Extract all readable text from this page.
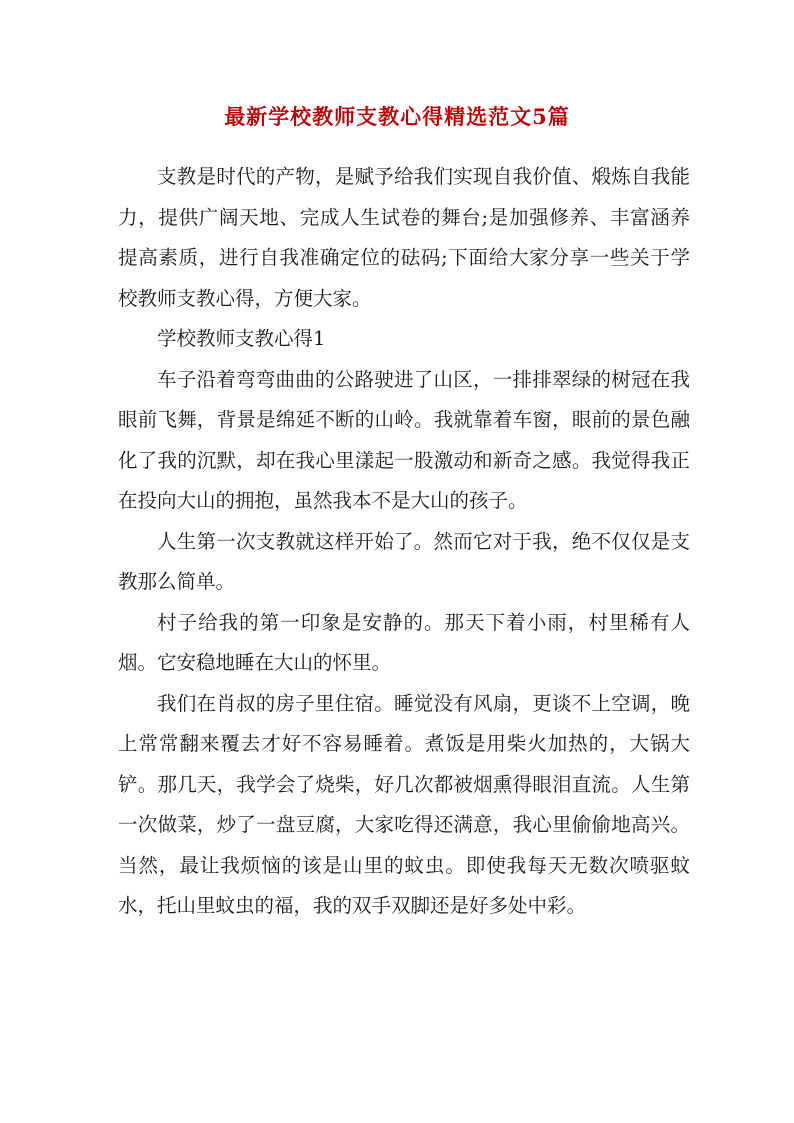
最新学校教师支教心得精选范文5篇

支教是时代的产物，是赋予给我们实现自我价值、煅炼自我能力，提供广阔天地、完成人生试卷的舞台;是加强修养、丰富涵养提高素质，进行自我准确定位的砝码;下面给大家分享一些关于学校教师支教心得，方便大家。

学校教师支教心得1

车子沿着弯弯曲曲的公路驶进了山区，一排排翠绿的树冠在我眼前飞舞，背景是绵延不断的山岭。我就靠着车窗，眼前的景色融化了我的沉默，却在我心里漾起一股激动和新奇之感。我觉得我正在投向大山的拥抱，虽然我本不是大山的孩子。

人生第一次支教就这样开始了。然而它对于我，绝不仅仅是支教那么简单。

村子给我的第一印象是安静的。那天下着小雨，村里稀有人烟。它安稳地睡在大山的怀里。

我们在肖叔的房子里住宿。睡觉没有风扇，更谈不上空调，晚上常常翻来覆去才好不容易睡着。煮饭是用柴火加热的，大锅大铲。那几天，我学会了烧柴，好几次都被烟熏得眼泪直流。人生第一次做菜，炒了一盘豆腐，大家吃得还满意，我心里偷偷地高兴。当然，最让我烦恼的该是山里的蚊虫。即使我每天无数次喷驱蚊水，托山里蚊虫的福，我的双手双脚还是好多处中彩。
